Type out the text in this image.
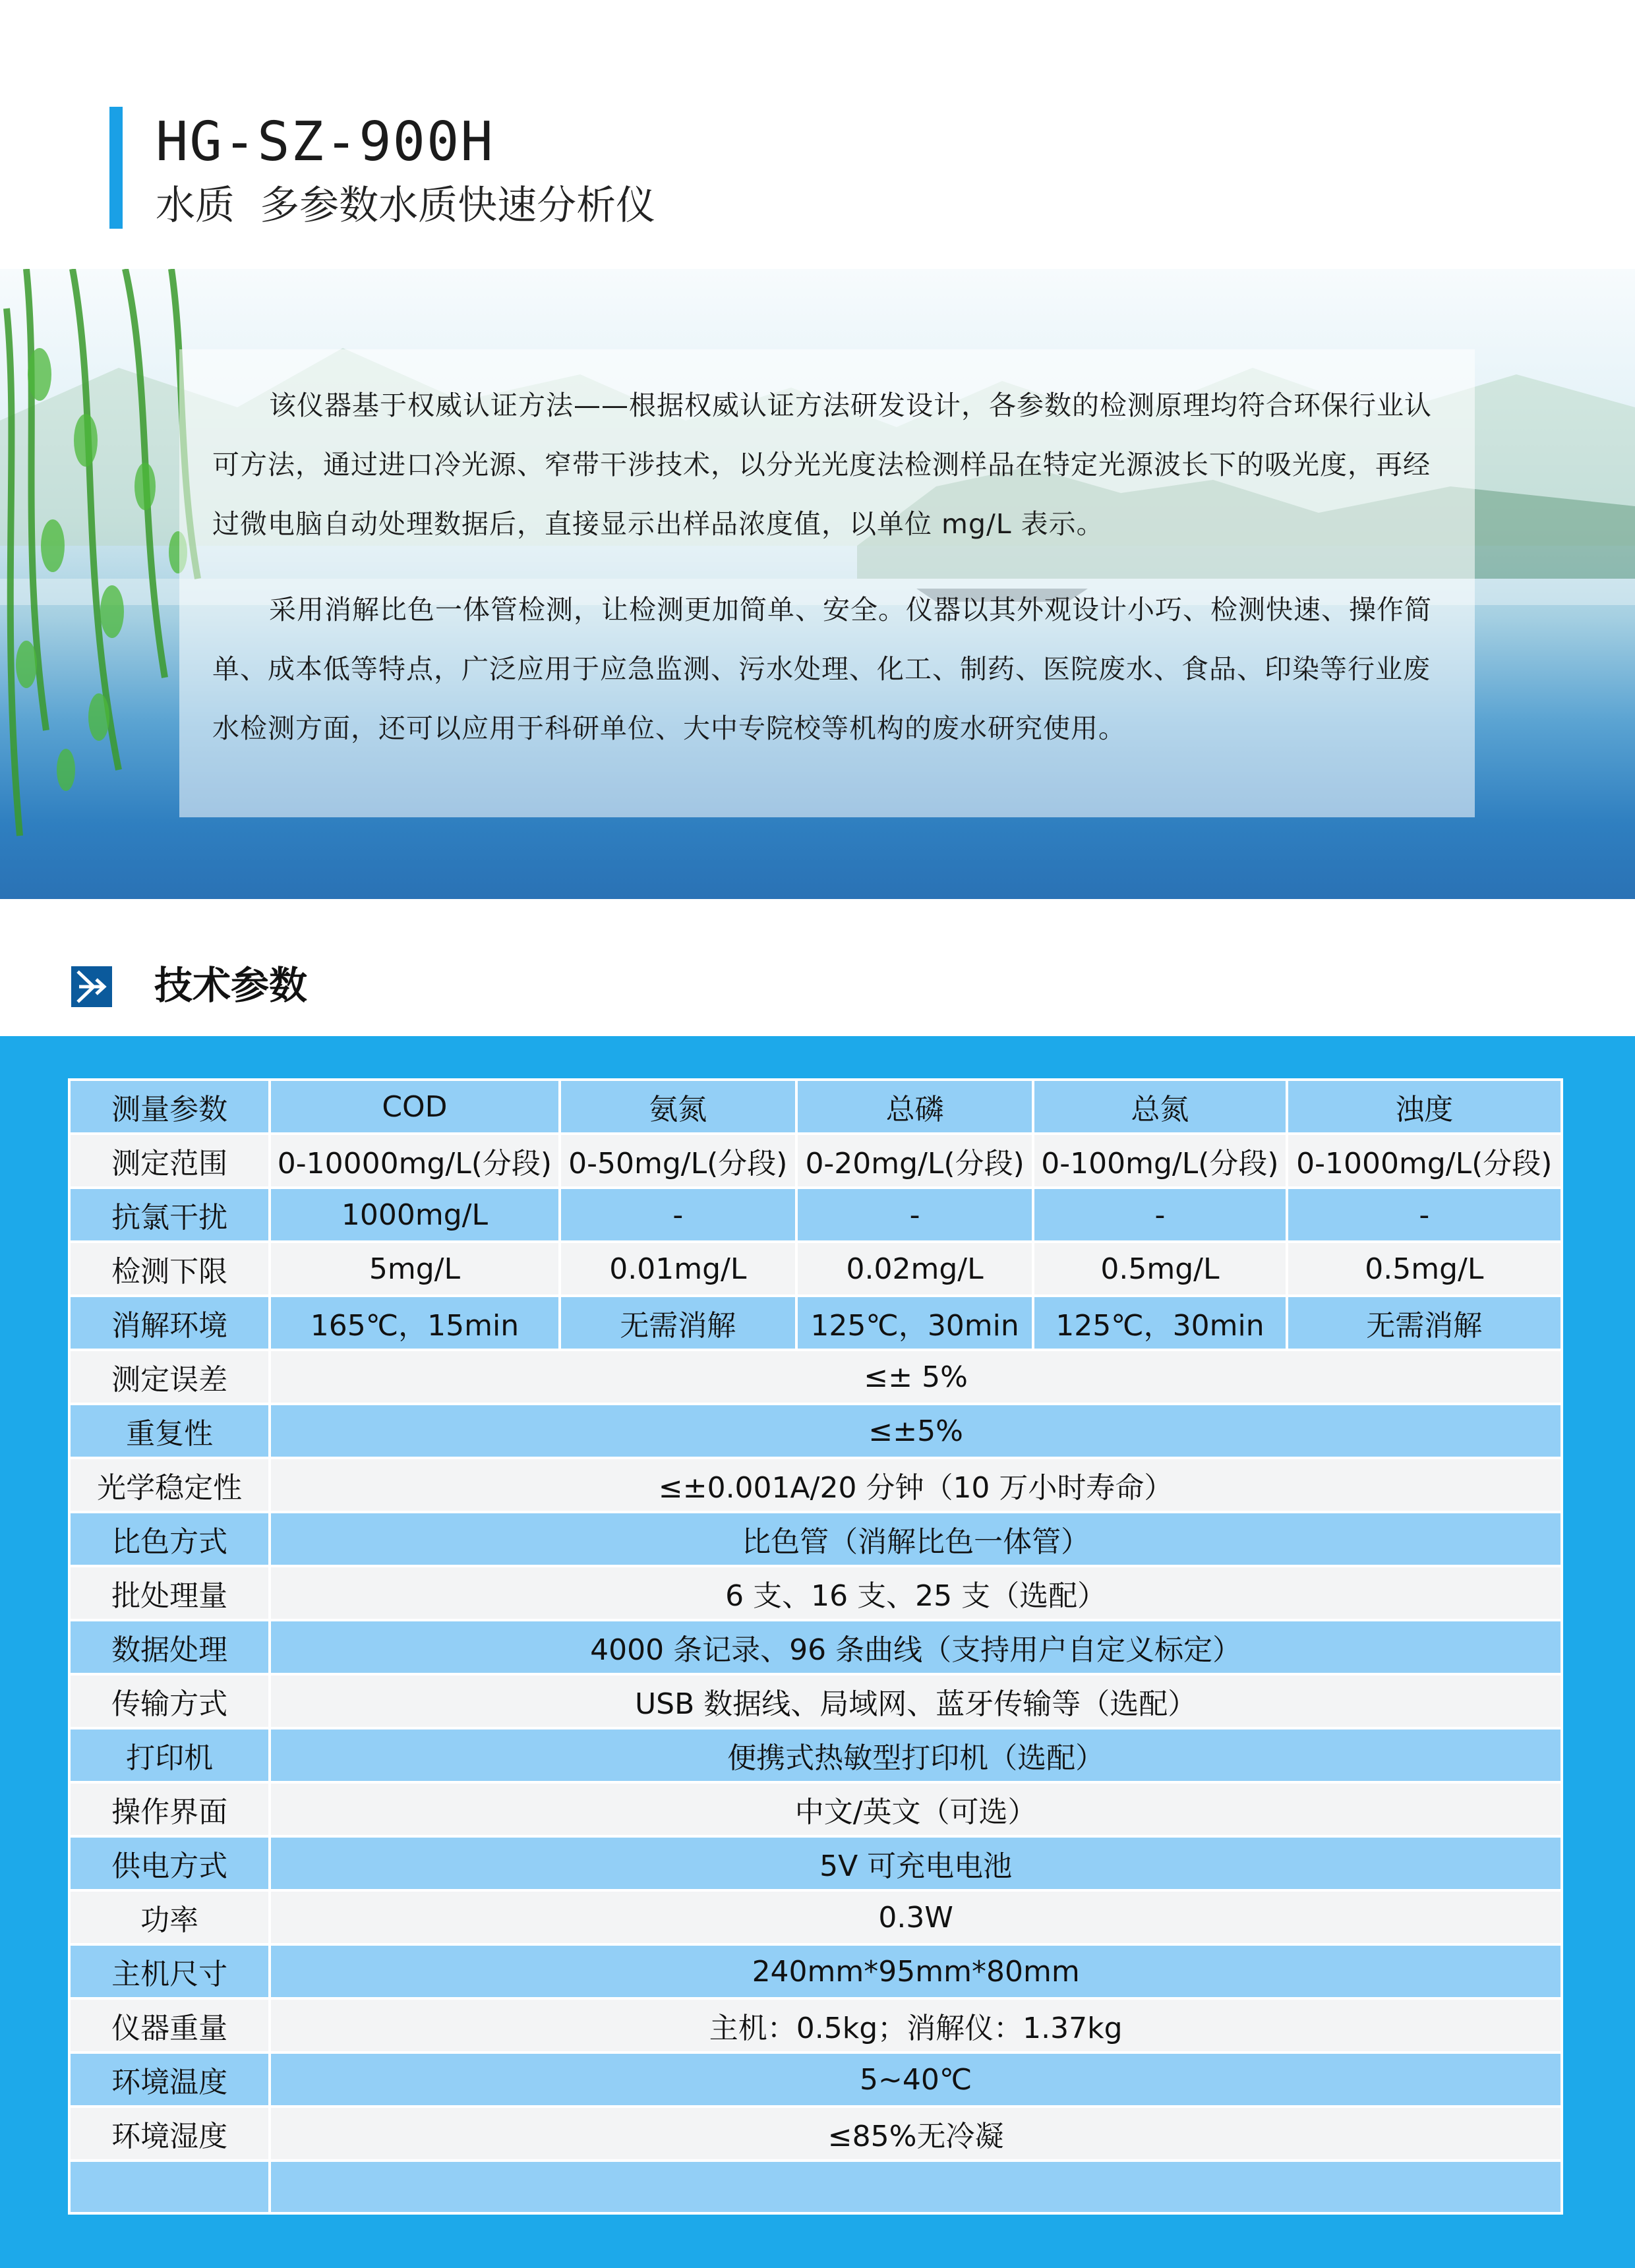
HG-SZ-900H
水质  多参数水质快速分析仪

该仪器基于权威认证方法——根据权威认证方法研发设计，各参数的检测原理均符合环保行业认可方法，通过进口冷光源、窄带干涉技术，以分光光度法检测样品在特定光源波长下的吸光度，再经过微电脑自动处理数据后，直接显示出样品浓度值，以单位 mg/L 表示。

采用消解比色一体管检测，让检测更加简单、安全。仪器以其外观设计小巧、检测快速、操作简单、成本低等特点，广泛应用于应急监测、污水处理、化工、制药、医院废水、食品、印染等行业废水检测方面，还可以应用于科研单位、大中专院校等机构的废水研究使用。

技术参数
测量参数	COD	氨氮	总磷	总氮	浊度
测定范围	0-10000mg/L(分段)	0-50mg/L(分段)	0-20mg/L(分段)	0-100mg/L(分段)	0-1000mg/L(分段)
抗氯干扰	1000mg/L	-	-	-	-
检测下限	5mg/L	0.01mg/L	0.02mg/L	0.5mg/L	0.5mg/L
消解环境	165℃，15min	无需消解	125℃，30min	125℃，30min	无需消解
测定误差	≤± 5%				
重复性	≤±5%				
光学稳定性	≤±0.001A/20 分钟（10 万小时寿命）				
比色方式	比色管（消解比色一体管）				
批处理量	6 支、16 支、25 支（选配）				
数据处理	4000 条记录、96 条曲线（支持用户自定义标定）				
传输方式	USB 数据线、局域网、蓝牙传输等（选配）				
打印机	便携式热敏型打印机（选配）				
操作界面	中文/英文（可选）				
供电方式	5V 可充电电池				
功率	0.3W				
主机尺寸	240mm*95mm*80mm				
仪器重量	主机：0.5kg；消解仪：1.37kg				
环境温度	5~40℃				
环境湿度	≤85%无冷凝				
